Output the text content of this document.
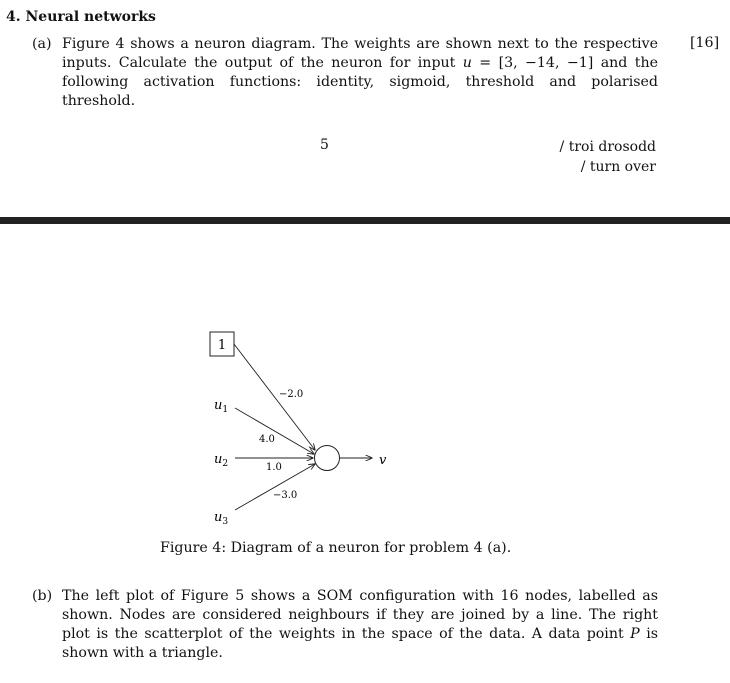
4. Neural networks
(a) Figure 4 shows a neuron diagram. The weights are shown next to the respective inputs. Calculate the output of the neuron for input u = [3, −14, −1] and the following activation functions: identity, sigmoid, threshold and polarised threshold.
[16]
5	/ troi drosodd
/ turn over
1
$u_1$
$u_2$
$u_3$
v
−2.0
4.0
1.0
−3.0
Figure 4: Diagram of a neuron for problem 4 (a).
(b) The left plot of Figure 5 shows a SOM configuration with 16 nodes, labelled as shown. Nodes are considered neighbours if they are joined by a line. The right plot is the scatterplot of the weights in the space of the data. A data point P is shown with a triangle.
